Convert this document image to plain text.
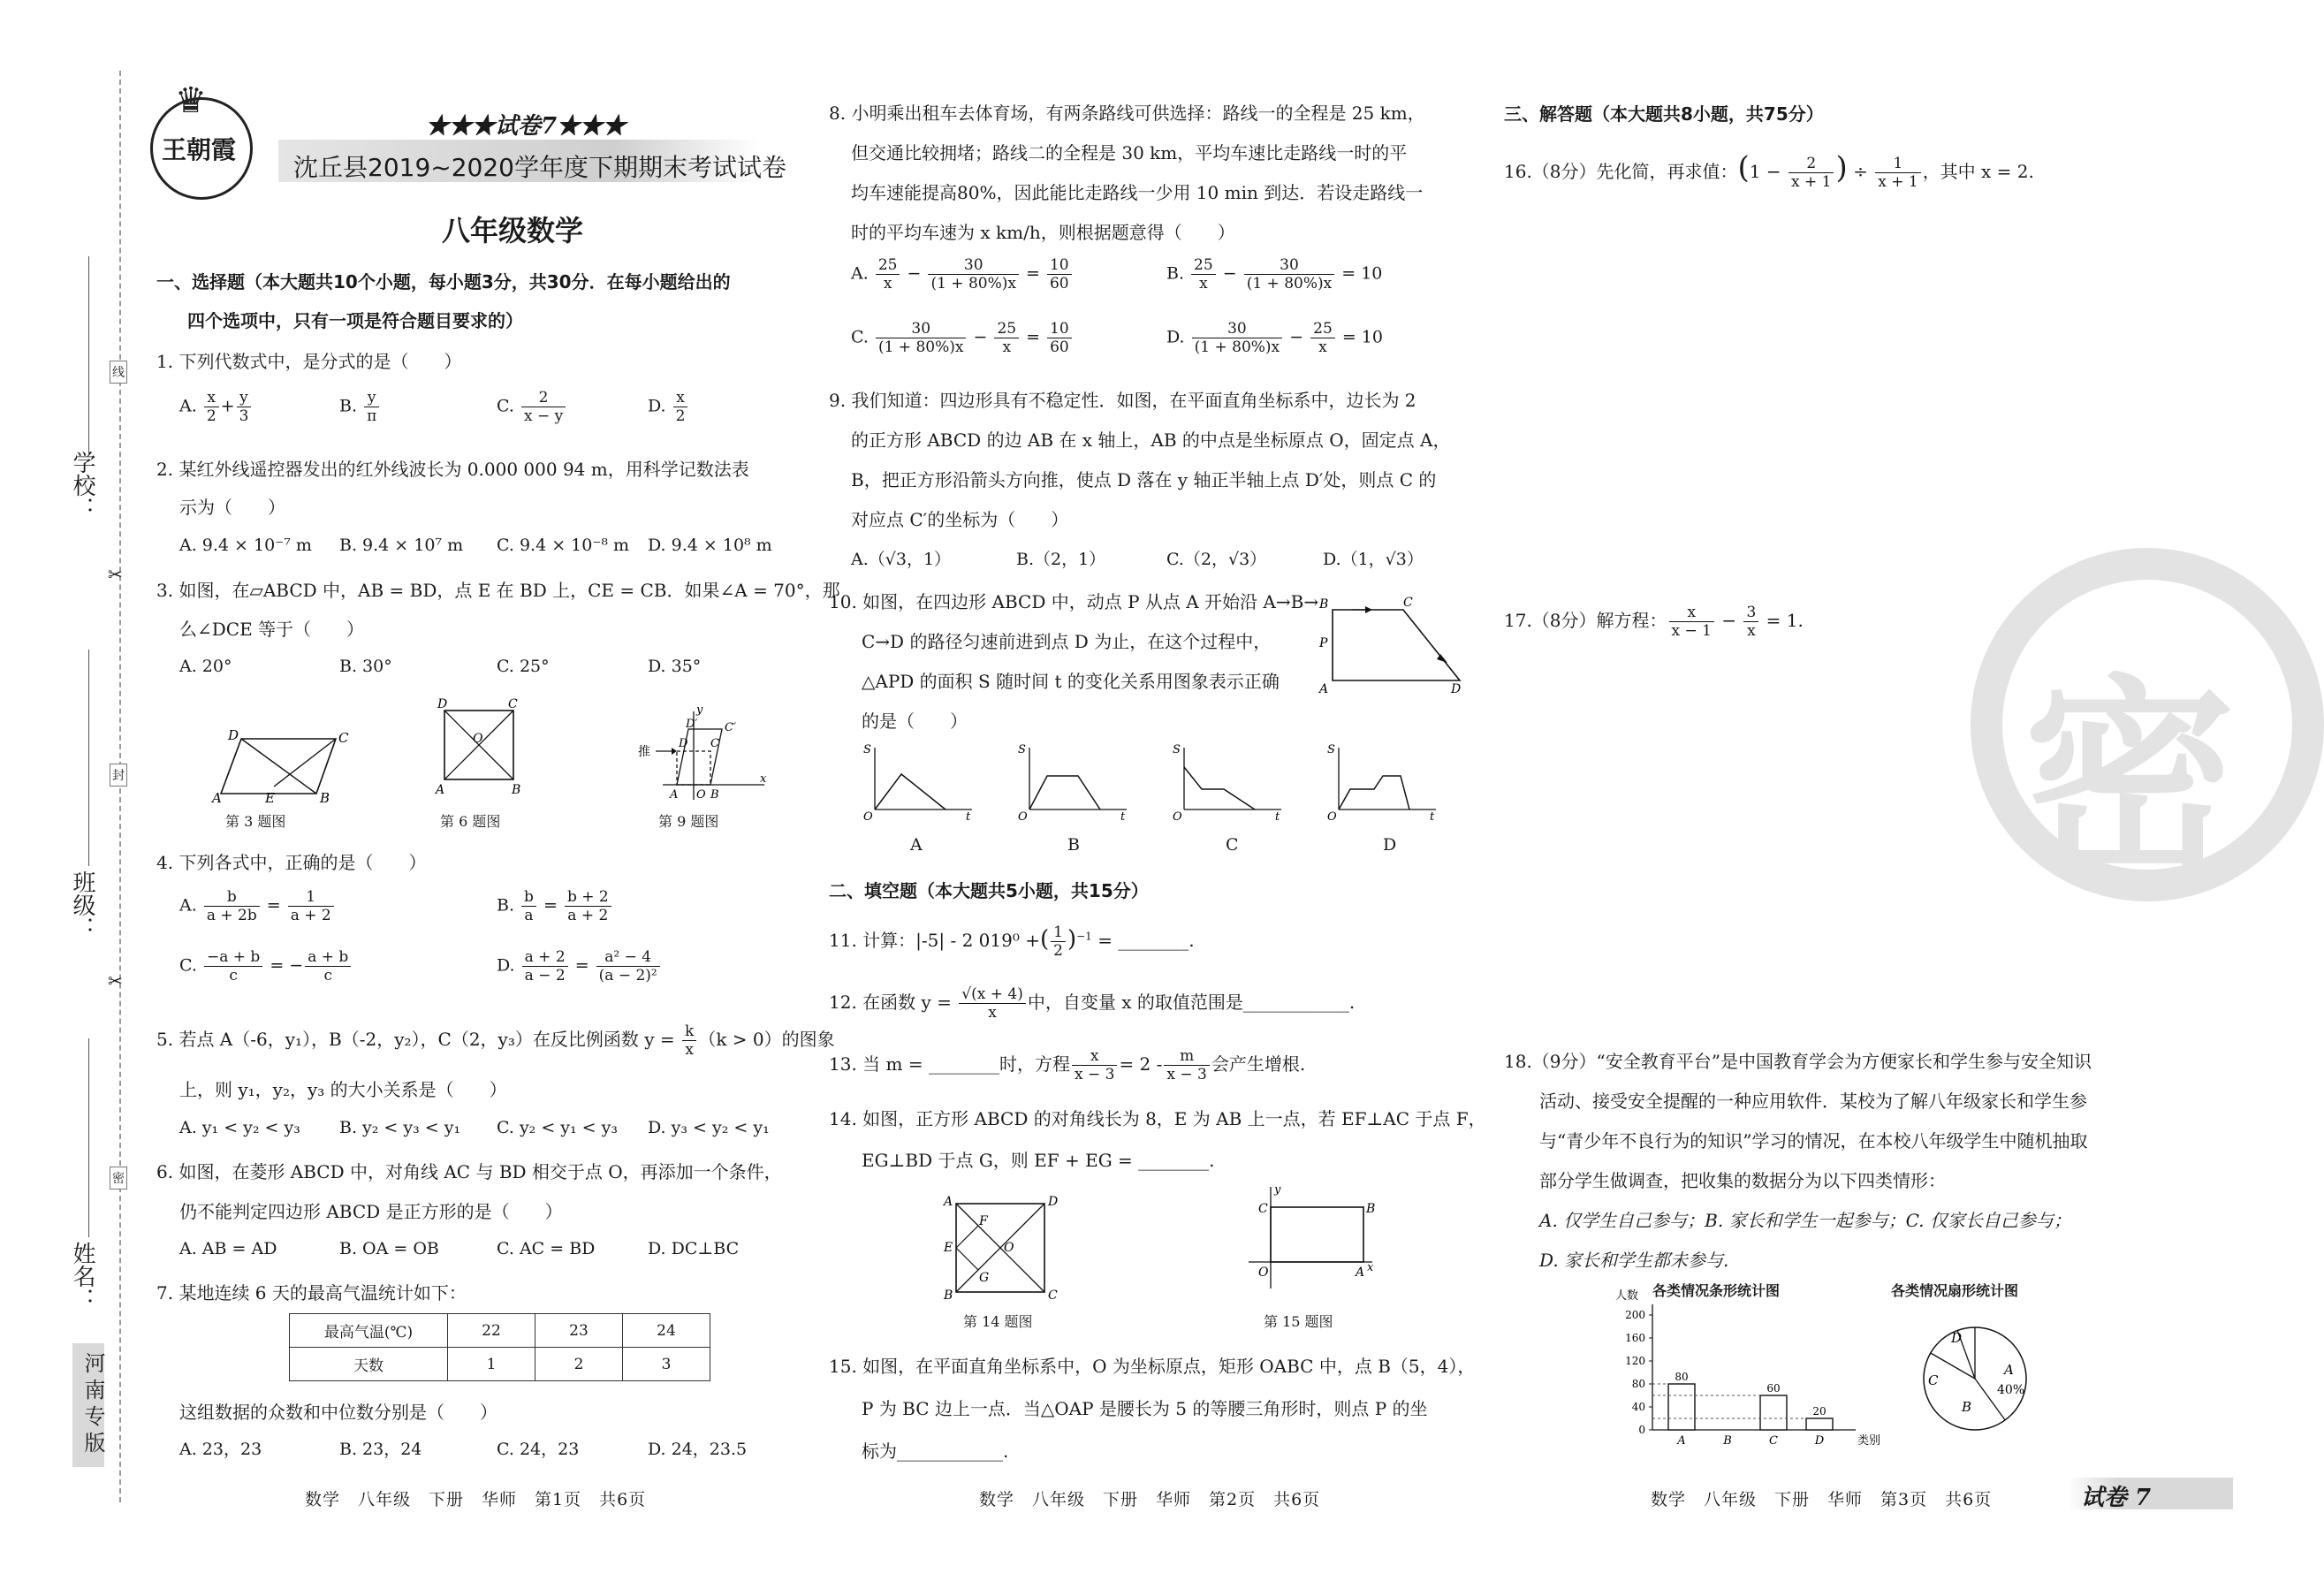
学校：
班级：
姓名：
线
封
密
✂
✂
河南专版
♛
王朝霞
★★★试卷7★★★
沈丘县2019~2020学年度下期期末考试试卷
八年级数学
一、选择题（本大题共10个小题，每小题3分，共30分．在每小题给出的
四个选项中，只有一项是符合题目要求的）
1. 下列代数式中，是分式的是（　　）
A. $\frac{x}{2} + \frac{y}{3}$	B. $\frac{y}{\pi}$	C. $\frac{2}{x - y}$	D. $\frac{x}{2}$
2. 某红外线遥控器发出的红外线波长为 0.000 000 94 m，用科学记数法表
示为（　　）
A. 9.4 × 10⁻⁷ m B. 9.4 × 10⁷ m C. 9.4 × 10⁻⁸ m D. 9.4 × 10⁸ m
3. 如图，在▱ABCD 中，AB = BD，点 E 在 BD 上，CE = CB．如果∠A = 70°，那
么∠DCE 等于（　　）
A. 20°	B. 30°	C. 25°	D. 35°
A	B
D	C
E
第 3 题图
D	C
A	B
O
第 6 题图
推
A O B
D
D′ C′
C
y
x
第 9 题图
4. 下列各式中，正确的是（　　）
A. $\frac{b}{a + 2b} = \frac{1}{a + 2}$	B. $\frac{b}{a} = \frac{b + 2}{a + 2}$
C. $\frac{-a + b}{c}$ = − $\frac{a + b}{c}$	D. $\frac{a + 2}{a - 2} = \frac{\text{a² − 4}}{\text{(a − 2)²}}$
5. 若点 A（-6，y₁），B（-2，y₂），C（2，y₃）在反比例函数 $y = \frac{k}{x} (k > 0)$的图象
上，则 y₁，y₂，y₃ 的大小关系是（　　）
A. y₁ < y₂ < y₃ B. y₂ < y₃ < y₁ C. y₂ < y₁ < y₃ D. y₃ < y₂ < y₁
6. 如图，在菱形 ABCD 中，对角线 AC 与 BD 相交于点 O，再添加一个条件，
仍不能判定四边形 ABCD 是正方形的是（　　）
A. AB = AD	B. OA = OB	C. AC = BD	D. DC⊥BC
7. 某地连续 6 天的最高气温统计如下：
最高气温(℃)	22	23	24
天数	1	2	3
这组数据的众数和中位数分别是（　　）
A. 23，23	B. 23，24	C. 24，23	D. 24，23.5
数学　八年级　下册　华师　第1页　共6页
8. 小明乘出租车去体育场，有两条路线可供选择：路线一的全程是 25 km，
但交通比较拥堵；路线二的全程是 30 km，平均车速比走路线一时的平
均车速能提高80%，因此能比走路线一少用 10 min 到达．若设走路线一
时的平均车速为 x km/h，则根据题意得（　　）
A. $\frac{25}{x} - \frac{30}{(1 + 80\%)x} = \frac{10}{60}$	B. $\frac{25}{x} - \frac{30}{(1 + 80\%)x} = 10$
C. $\frac{30}{(1 + 80\%)x} - \frac{25}{x} = \frac{10}{60}$	D. $\frac{30}{(1 + 80\%)x} - \frac{25}{x} = 10$
9. 我们知道：四边形具有不稳定性．如图，在平面直角坐标系中，边长为 2
的正方形 ABCD 的边 AB 在 x 轴上，AB 的中点是坐标原点 O，固定点 A，
B，把正方形沿箭头方向推，使点 D 落在 y 轴正半轴上点 D′处，则点 C 的
对应点 C′的坐标为（　　）
A.（√3，1）	B.（2，1）	C.（2，√3）	D.（1，√3）
10. 如图，在四边形 ABCD 中，动点 P 从点 A 开始沿 A→B→
C→D 的路径匀速前进到点 D 为止，在这个过程中，
△APD 的面积 S 随时间 t 的变化关系用图象表示正确
的是（　　）
B	C
P
A	D
S
O	t
A
S
O	t
B
S
O	t
C
S
O	t
D
二、填空题（本大题共5小题，共15分）
11. 计算：|-5| - 2 019⁰ +( $\frac{1}{2} )^{-1}$ = ________.
12. 在函数 $y = \frac{√(x + 4)}{x}$ 中，自变量 x 的取值范围是____________.
13. 当 m = ________时，方程 $\frac{x}{x - 3} = 2 - \frac{m}{x - 3}$ 会产生增根.
14. 如图，正方形 ABCD 的对角线长为 8，E 为 AB 上一点，若 EF⊥AC 于点 F，
EG⊥BD 于点 G，则 EF + EG = ________.
A	D
B	C
E
F
G
O
第 14 题图
C	B
O	A
y
x
第 15 题图
15. 如图，在平面直角坐标系中，O 为坐标原点，矩形 OABC 中，点 B（5，4），
P 为 BC 边上一点．当△OAP 是腰长为 5 的等腰三角形时，则点 P 的坐
标为____________.
数学　八年级　下册　华师　第2页　共6页
三、解答题（本大题共8小题，共75分）
16.（8分）先化简，再求值：($1 - \frac{2}{x + 1}$ ) ÷ $\frac{1}{x + 1}$ ，其中 x = 2.
17.（8分）解方程： $\frac{x}{x - 1} - \frac{3}{x} = 1$.
密
18.（9分）“安全教育平台”是中国教育学会为方便家长和学生参与安全知识
活动、接受安全提醒的一种应用软件．某校为了解八年级家长和学生参
与“青少年不良行为的知识”学习的情况，在本校八年级学生中随机抽取
部分学生做调查，把收集的数据分为以下四类情形：
A. 仅学生自己参与；B. 家长和学生一起参与；C. 仅家长自己参与；
D. 家长和学生都未参与.
各类情况条形统计图
人数
类别
0
40
80
120
160
200
A
80
B	C
60
D
20
各类情况扇形统计图
A
B
C
D
40%
数学　八年级　下册　华师　第3页　共6页	试卷 7
